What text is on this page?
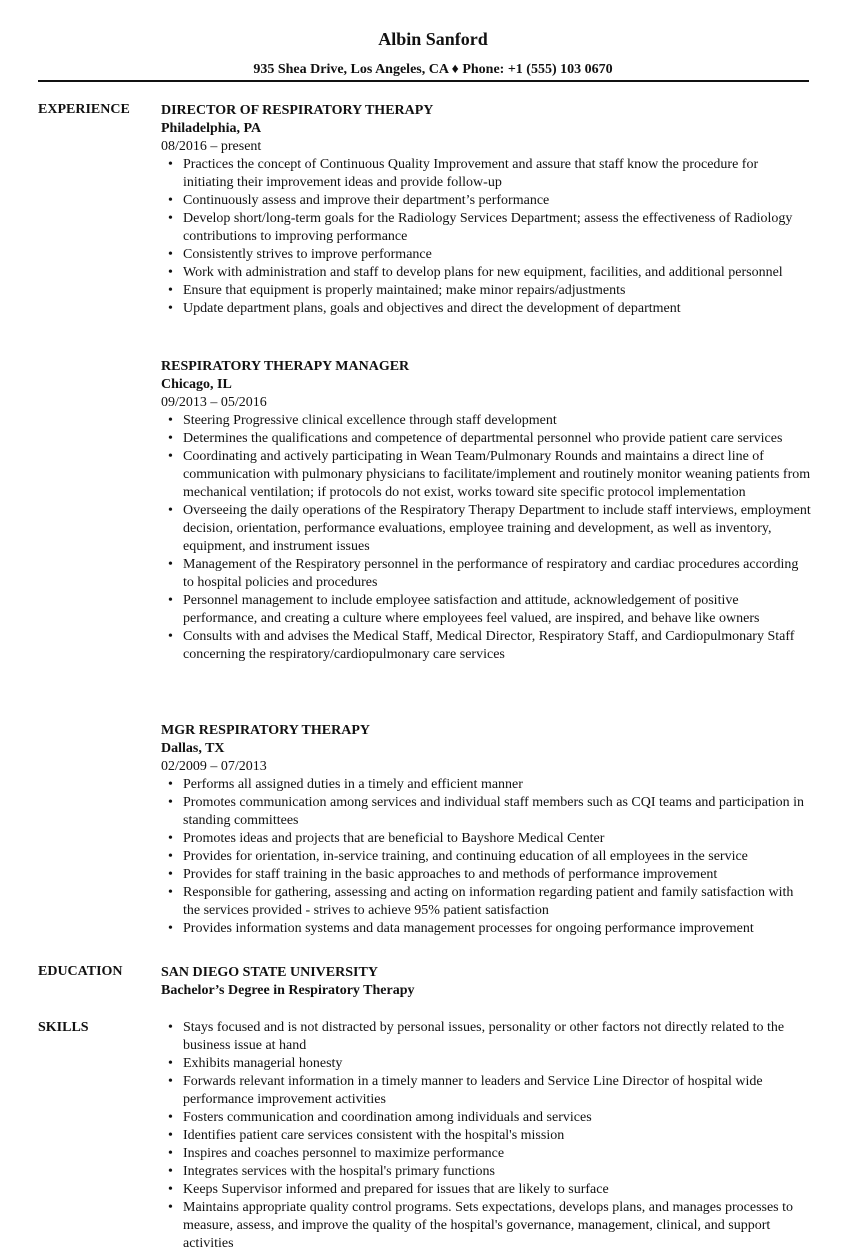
Albin Sanford
935 Shea Drive, Los Angeles, CA ♦ Phone: +1 (555) 103 0670
EXPERIENCE DIRECTOR OF RESPIRATORY THERAPY
Philadelphia, PA
08/2016 – present
• Practices the concept of Continuous Quality Improvement and assure that staff know the procedure for initiating their improvement ideas and provide follow-up
• Continuously assess and improve their department’s performance
• Develop short/long-term goals for the Radiology Services Department; assess the effectiveness of Radiology contributions to improving performance
• Consistently strives to improve performance
• Work with administration and staff to develop plans for new equipment, facilities, and additional personnel
• Ensure that equipment is properly maintained; make minor repairs/adjustments
• Update department plans, goals and objectives and direct the development of department
RESPIRATORY THERAPY MANAGER
Chicago, IL
09/2013 – 05/2016
• Steering Progressive clinical excellence through staff development
• Determines the qualifications and competence of departmental personnel who provide patient care services
• Coordinating and actively participating in Wean Team/Pulmonary Rounds and maintains a direct line of communication with pulmonary physicians to facilitate/implement and routinely monitor weaning patients from mechanical ventilation; if protocols do not exist, works toward site specific protocol implementation
• Overseeing the daily operations of the Respiratory Therapy Department to include staff interviews, employment decision, orientation, performance evaluations, employee training and development, as well as inventory, equipment, and instrument issues
• Management of the Respiratory personnel in the performance of respiratory and cardiac procedures according to hospital policies and procedures
• Personnel management to include employee satisfaction and attitude, acknowledgement of positive performance, and creating a culture where employees feel valued, are inspired, and behave like owners
• Consults with and advises the Medical Staff, Medical Director, Respiratory Staff, and Cardiopulmonary Staff concerning the respiratory/cardiopulmonary care services
MGR RESPIRATORY THERAPY
Dallas, TX
02/2009 – 07/2013
• Performs all assigned duties in a timely and efficient manner
• Promotes communication among services and individual staff members such as CQI teams and participation in standing committees
• Promotes ideas and projects that are beneficial to Bayshore Medical Center
• Provides for orientation, in-service training, and continuing education of all employees in the service
• Provides for staff training in the basic approaches to and methods of performance improvement
• Responsible for gathering, assessing and acting on information regarding patient and family satisfaction with the services provided - strives to achieve 95% patient satisfaction
• Provides information systems and data management processes for ongoing performance improvement
EDUCATION	SAN DIEGO STATE UNIVERSITY
Bachelor’s Degree in Respiratory Therapy
SKILLS
•	Stays focused and is not distracted by personal issues, personality or other factors not directly related to the business issue at hand
• Exhibits managerial honesty
• Forwards relevant information in a timely manner to leaders and Service Line Director of hospital wide performance improvement activities
• Fosters communication and coordination among individuals and services
• Identifies patient care services consistent with the hospital's mission
• Inspires and coaches personnel to maximize performance
• Integrates services with the hospital's primary functions
• Keeps Supervisor informed and prepared for issues that are likely to surface
• Maintains appropriate quality control programs. Sets expectations, develops plans, and manages processes to measure, assess, and improve the quality of the hospital's governance, management, clinical, and support activities
